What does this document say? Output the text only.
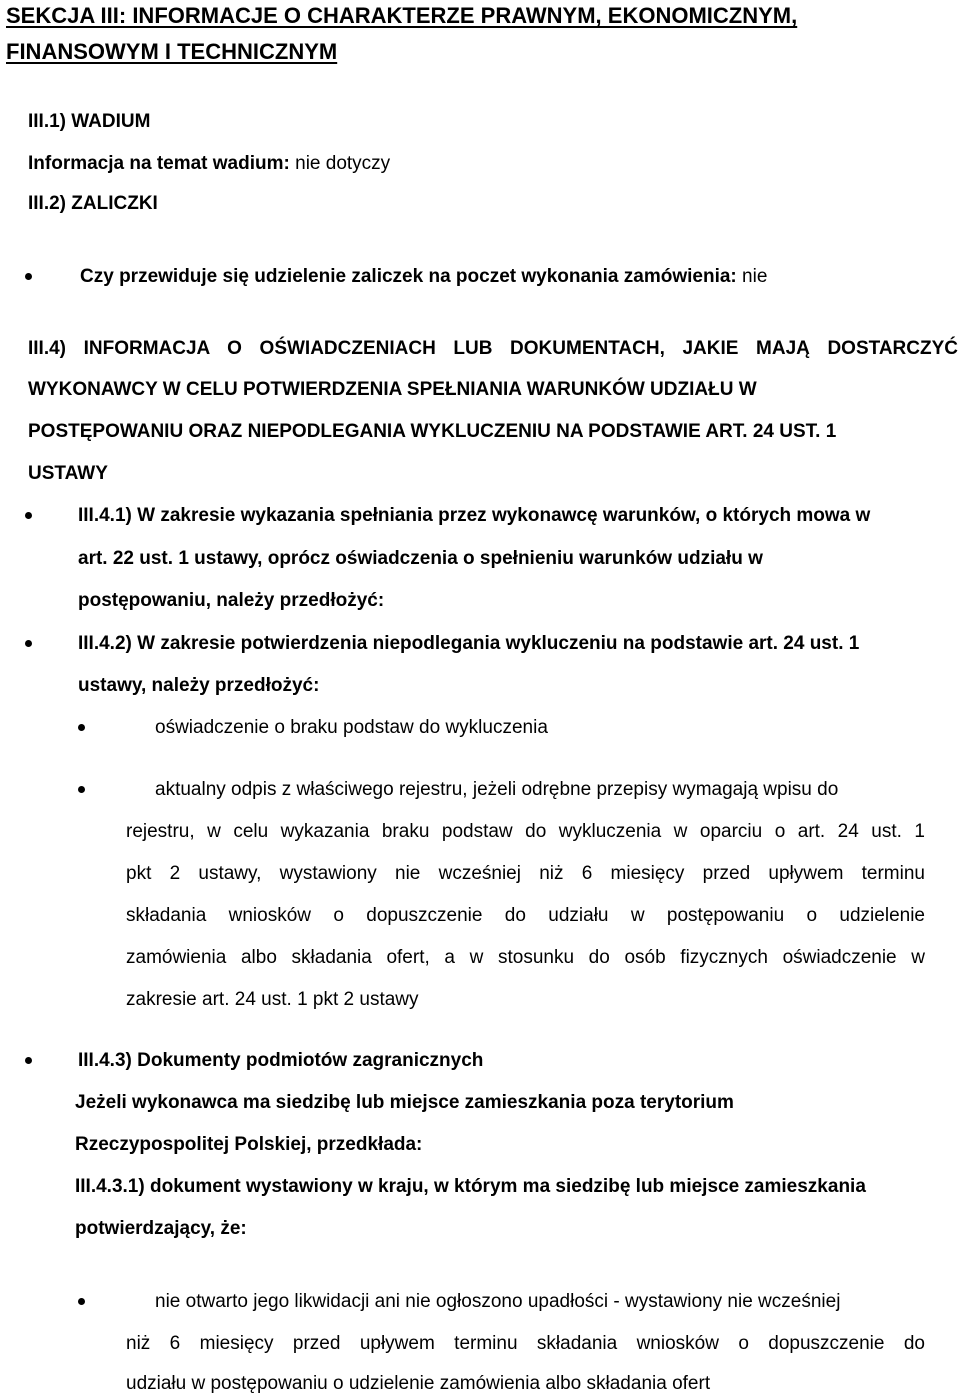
SEKCJA III: INFORMACJE O CHARAKTERZE PRAWNYM, EKONOMICZNYM,
FINANSOWYM I TECHNICZNYM
III.1) WADIUM
Informacja na temat wadium: nie dotyczy
III.2) ZALICZKI
Czy przewiduje się udzielenie zaliczek na poczet wykonania zamówienia: nie
III.4) INFORMACJA O OŚWIADCZENIACH LUB DOKUMENTACH, JAKIE MAJĄ DOSTARCZYĆ
WYKONAWCY W CELU POTWIERDZENIA SPEŁNIANIA WARUNKÓW UDZIAŁU W
POSTĘPOWANIU ORAZ NIEPODLEGANIA WYKLUCZENIU NA PODSTAWIE ART. 24 UST. 1
USTAWY
III.4.1) W zakresie wykazania spełniania przez wykonawcę warunków, o których mowa w
art. 22 ust. 1 ustawy, oprócz oświadczenia o spełnieniu warunków udziału w
postępowaniu, należy przedłożyć:
III.4.2) W zakresie potwierdzenia niepodlegania wykluczeniu na podstawie art. 24 ust. 1
ustawy, należy przedłożyć:
oświadczenie o braku podstaw do wykluczenia
aktualny odpis z właściwego rejestru, jeżeli odrębne przepisy wymagają wpisu do
rejestru, w celu wykazania braku podstaw do wykluczenia w oparciu o art. 24 ust. 1
pkt 2 ustawy, wystawiony nie wcześniej niż 6 miesięcy przed upływem terminu
składania wniosków o dopuszczenie do udziału w postępowaniu o udzielenie
zamówienia albo składania ofert, a w stosunku do osób fizycznych oświadczenie w
zakresie art. 24 ust. 1 pkt 2 ustawy
III.4.3) Dokumenty podmiotów zagranicznych
Jeżeli wykonawca ma siedzibę lub miejsce zamieszkania poza terytorium
Rzeczypospolitej Polskiej, przedkłada:
III.4.3.1) dokument wystawiony w kraju, w którym ma siedzibę lub miejsce zamieszkania
potwierdzający, że:
nie otwarto jego likwidacji ani nie ogłoszono upadłości - wystawiony nie wcześniej
niż 6 miesięcy przed upływem terminu składania wniosków o dopuszczenie do
udziału w postępowaniu o udzielenie zamówienia albo składania ofert
